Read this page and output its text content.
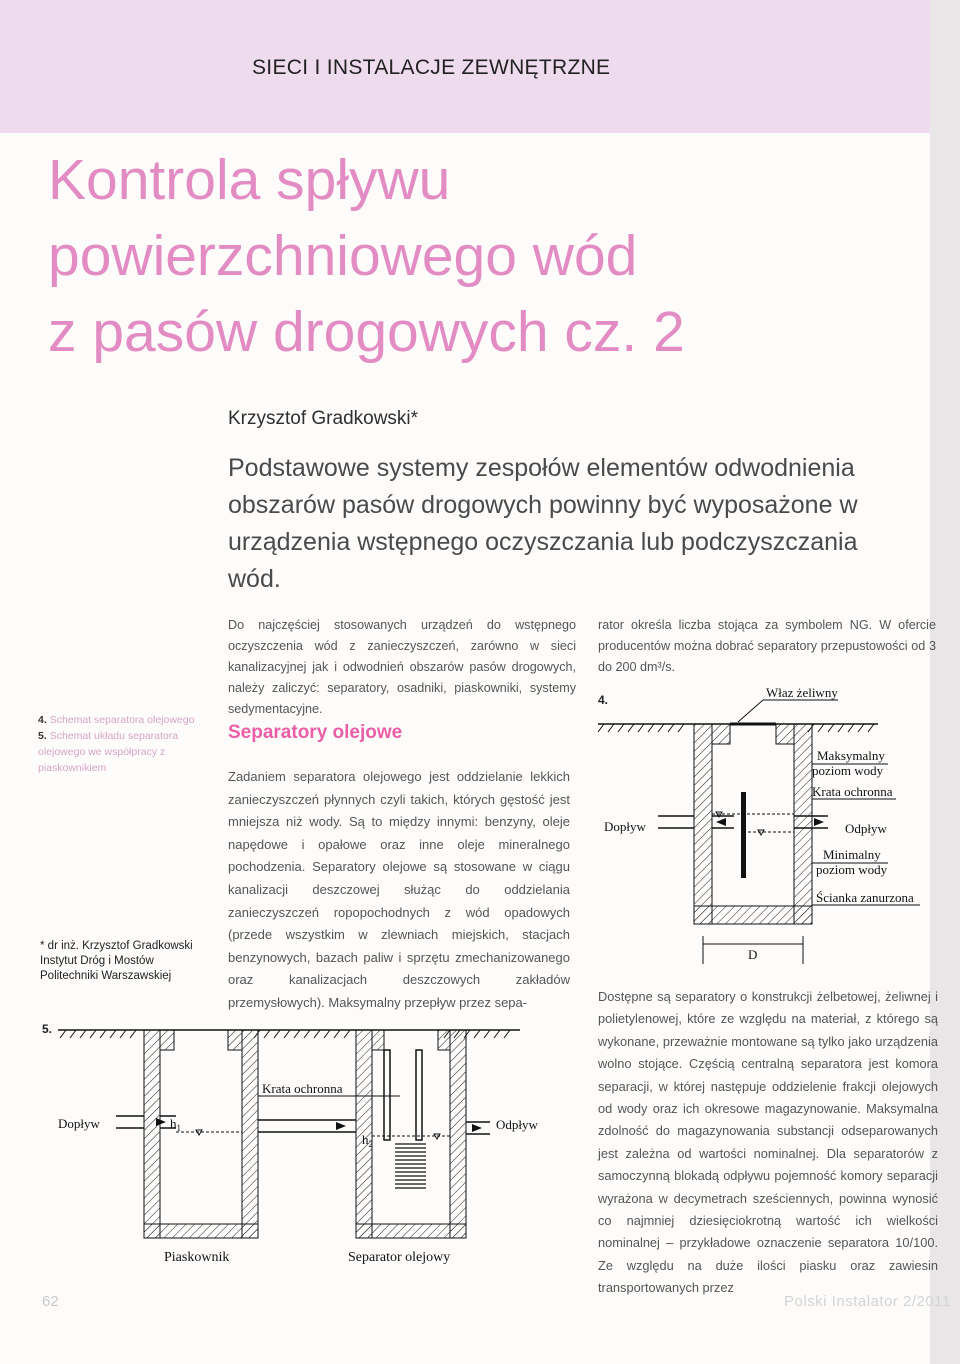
SIECI I INSTALACJE ZEWNĘTRZNE
Kontrola spływu
powierzchniowego wód
z pasów drogowych cz. 2
Krzysztof Gradkowski*
Podstawowe systemy zespołów elementów odwodnienia obszarów pasów drogowych powinny być wyposażone w urządzenia wstępnego oczyszczania lub podczyszczania wód.
Do najczęściej stosowanych urządzeń do wstępnego oczyszczenia wód z zanieczyszczeń, zarówno w sieci kanalizacyjnej jak i odwodnień obszarów pasów drogowych, należy zaliczyć: separatory, osadniki, piaskowniki, systemy sedymentacyjne.
Separatory olejowe
Zadaniem separatora olejowego jest oddzielanie lekkich zanieczyszczeń płynnych czyli takich, których gęstość jest mniejsza niż wody. Są to między innymi: benzyny, oleje napędowe i opałowe oraz inne oleje mineralnego pochodzenia. Separatory olejowe są stosowane w ciągu kanalizacji deszczowej służąc do oddzielania zanieczyszczeń ropopochodnych z wód opadowych (przede wszystkim w zlewniach miejskich, stacjach benzynowych, bazach paliw i sprzętu zmechanizowanego oraz kanalizacjach deszczowych zakładów przemysłowych). Maksymalny przepływ przez sepa-
rator określa liczba stojąca za symbolem NG. W ofercie producentów można dobrać separatory przepustowości od 3 do 200 dm³/s.
Dostępne są separatory o konstrukcji żelbetowej, żeliwnej i polietylenowej, które ze względu na materiał, z którego są wykonane, przeważnie montowane są tylko jako urządzenia wolno stojące. Częścią centralną separatora jest komora separacji, w której następuje oddzielenie frakcji olejowych od wody oraz ich okresowe magazynowanie. Maksymalna zdolność do magazynowania substancji odseparowanych jest zależna od wartości nominalnej. Dla separatorów z samoczynną blokadą odpływu pojemność komory separacji wyrażona w decymetrach sześciennych, powinna wynosić co najmniej dziesięciokrotną wartość ich wielkości nominalnej – przykładowe oznaczenie separatora 10/100. Ze względu na duże ilości piasku oraz zawiesin transportowanych przez
4. Schemat separatora olejowego
5. Schemat układu separatora olejowego we współpracy z piaskownikiem
* dr inż. Krzysztof Gradkowski Instytut Dróg i Mostów Politechniki Warszawskiej
4.
5.
Właz żeliwny
Maksymalny
poziom wody
Krata ochronna
Dopływ	Odpływ
Minimalny
poziom wody
Ścianka zanurzona
D
Krata ochronna
$h_1$
$h_2$
Dopływ	Odpływ
Piaskownik	Separator olejowy
62	Polski Instalator 2/2011
